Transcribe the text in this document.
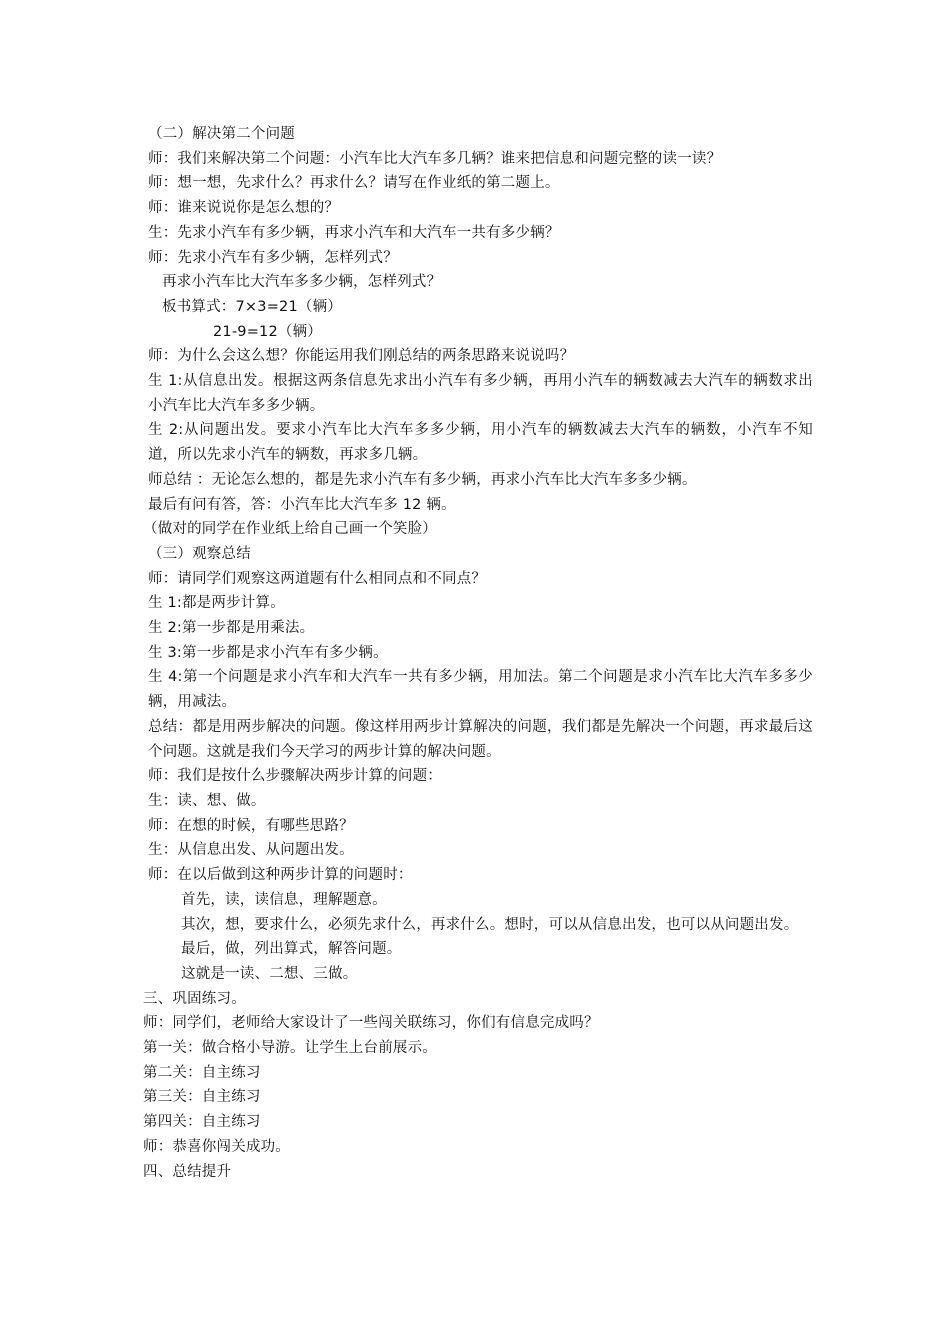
（二）解决第二个问题
师：我们来解决第二个问题：小汽车比大汽车多几辆？谁来把信息和问题完整的读一读？
师：想一想，先求什么？再求什么？请写在作业纸的第二题上。
师：谁来说说你是怎么想的？
生：先求小汽车有多少辆，再求小汽车和大汽车一共有多少辆？
师：先求小汽车有多少辆，怎样列式？
再求小汽车比大汽车多多少辆，怎样列式？
板书算式：7×3=21（辆）
21-9=12（辆）
师：为什么会这么想？你能运用我们刚总结的两条思路来说说吗？
生 1:从信息出发。根据这两条信息先求出小汽车有多少辆，再用小汽车的辆数减去大汽车的辆数求出小汽车比大汽车多多少辆。
生 2:从问题出发。要求小汽车比大汽车多多少辆，用小汽车的辆数减去大汽车的辆数，小汽车不知道，所以先求小汽车的辆数，再求多几辆。
师总结 ：无论怎么想的，都是先求小汽车有多少辆，再求小汽车比大汽车多多少辆。
最后有问有答，答：小汽车比大汽车多 12 辆。
（做对的同学在作业纸上给自己画一个笑脸）
（三）观察总结
师：请同学们观察这两道题有什么相同点和不同点？
生 1:都是两步计算。
生 2:第一步都是用乘法。
生 3:第一步都是求小汽车有多少辆。
生 4:第一个问题是求小汽车和大汽车一共有多少辆，用加法。第二个问题是求小汽车比大汽车多多少辆，用减法。
总结：都是用两步解决的问题。像这样用两步计算解决的问题，我们都是先解决一个问题，再求最后这个问题。这就是我们今天学习的两步计算的解决问题。
师：我们是按什么步骤解决两步计算的问题：
生：读、想、做。
师：在想的时候，有哪些思路？
生：从信息出发、从问题出发。
师：在以后做到这种两步计算的问题时：
首先，读，读信息，理解题意。
其次，想，要求什么，必须先求什么，再求什么。想时，可以从信息出发，也可以从问题出发。
最后，做，列出算式，解答问题。
这就是一读、二想、三做。
三、巩固练习。
师：同学们，老师给大家设计了一些闯关联练习，你们有信息完成吗？
第一关：做合格小导游。让学生上台前展示。
第二关：自主练习
第三关：自主练习
第四关：自主练习
师：恭喜你闯关成功。
四、总结提升
